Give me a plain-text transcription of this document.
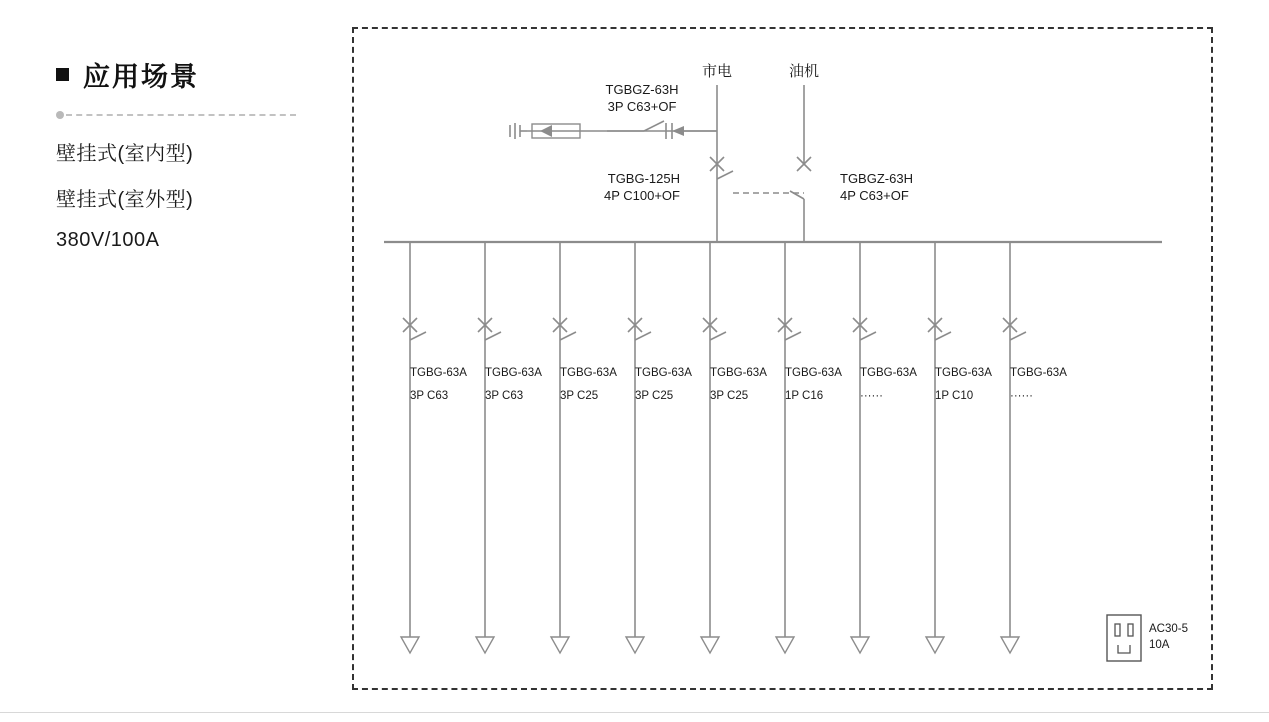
应用场景
壁挂式(室内型)
壁挂式(室外型)
380V/100A
市电	油机
TGBGZ-63H
3P C63+OF
TGBG-125H
4P C100+OF
TGBGZ-63H
4P C63+OF
TGBG-63A
3P C63
TGBG-63A
3P C63
TGBG-63A
3P C25
TGBG-63A
3P C25
TGBG-63A
3P C25
TGBG-63A
1P C16
TGBG-63A
······
TGBG-63A
1P C10
TGBG-63A
······
AC30-5
10A
